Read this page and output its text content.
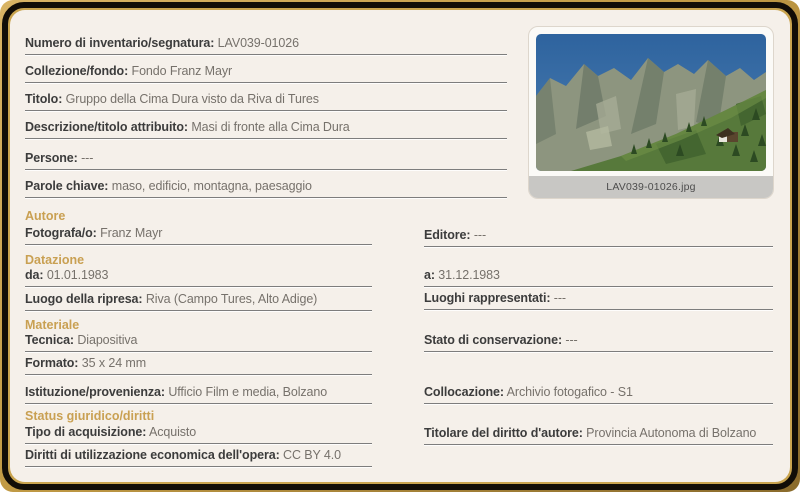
Numero di inventario/segnatura: LAV039-01026
Collezione/fondo: Fondo Franz Mayr
Titolo: Gruppo della Cima Dura visto da Riva di Tures
Descrizione/titolo attribuito: Masi di fronte alla Cima Dura
Persone: ---
Parole chiave: maso, edificio, montagna, paesaggio	LAV039-01026.jpg
Autore
Fotografa/o: Franz Mayr
Datazione
da: 01.01.1983
Luogo della ripresa: Riva (Campo Tures, Alto Adige)
Materiale
Tecnica: Diapositiva
Formato: 35 x 24 mm
Istituzione/provenienza: Ufficio Film e media, Bolzano
Status giuridico/diritti
Tipo di acquisizione: Acquisto
Diritti di utilizzazione economica dell'opera: CC BY 4.0
Editore: ---
a: 31.12.1983
Luoghi rappresentati: ---
Stato di conservazione: ---
Collocazione: Archivio fotogafico - S1
Titolare del diritto d'autore: Provincia Autonoma di Bolzano
